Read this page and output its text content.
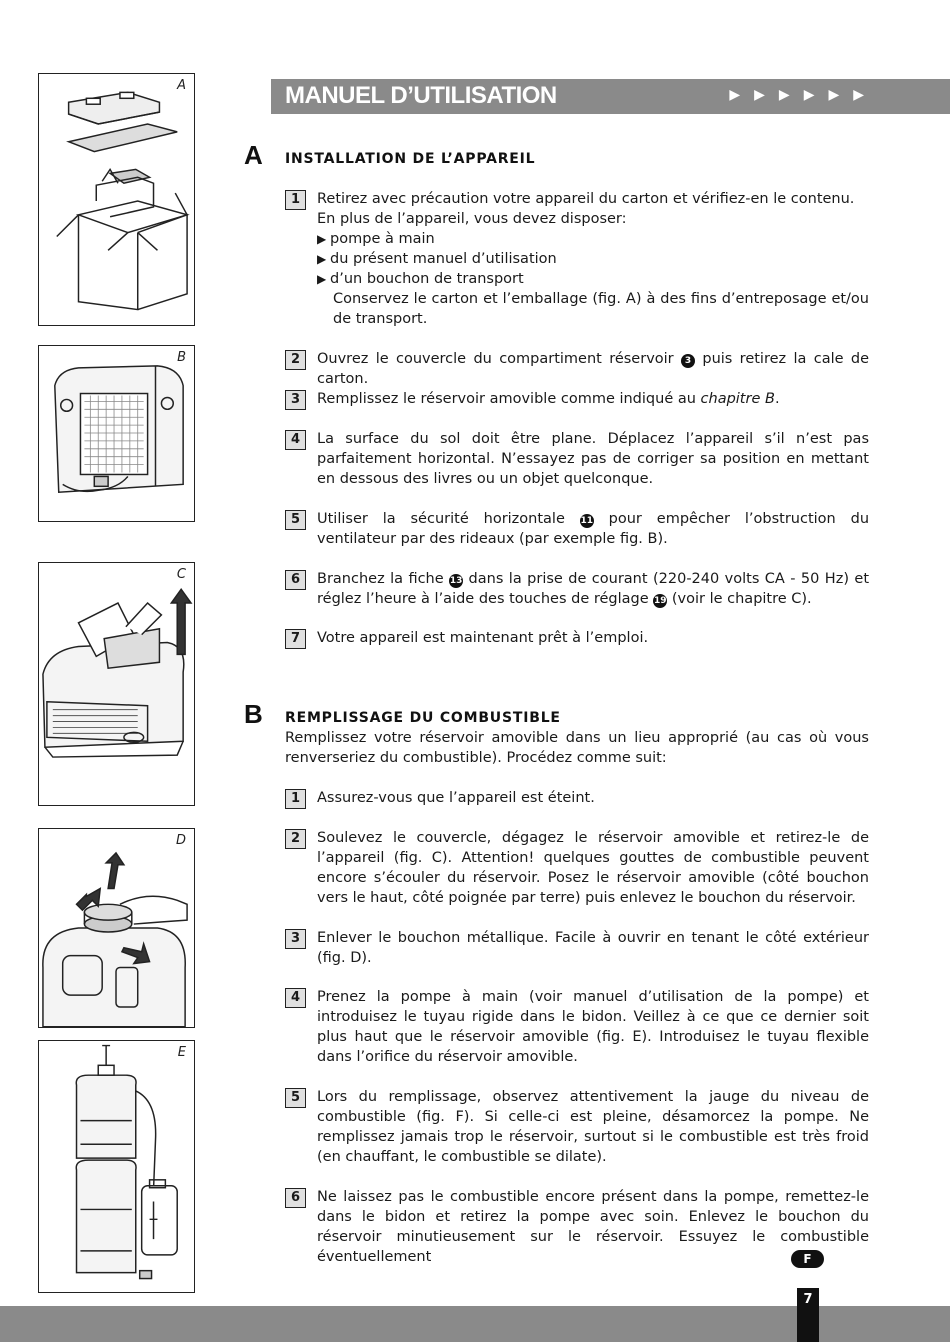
A
B
C
D
E
MANUEL D’UTILISATION	▶▶▶▶▶▶
A INSTALLATION DE L’APPAREIL
1	Retirez avec précaution votre appareil du carton et vérifiez-en le contenu.
En plus de l’appareil, vous devez disposer:
▶ pompe à main
▶ du présent manuel d’utilisation
▶ d’un bouchon de transport
Conservez le carton et l’emballage (fig. A) à des fins d’entreposage et/ou de transport.
2	Ouvrez le couvercle du compartiment réservoir 3 puis retirez la cale de carton.
3	Remplissez le réservoir amovible comme indiqué au chapitre B.
4	La surface du sol doit être plane. Déplacez l’appareil s’il n’est pas parfaitement horizontal. N’essayez pas de corriger sa position en mettant en dessous des livres ou un objet quelconque.

5	Utiliser la sécurité horizontale 11 pour empêcher l’obstruction du ventilateur par des rideaux (par exemple fig. B).
6	Branchez la fiche 13 dans la prise de courant (220-240 volts CA - 50 Hz) et réglez l’heure à l’aide des touches de réglage 19 (voir le chapitre C).
7	Votre appareil est maintenant prêt à l’emploi.

B REMPLISSAGE DU COMBUSTIBLE
Remplissez votre réservoir amovible dans un lieu approprié (au cas où vous renverseriez du combustible). Procédez comme suit:
1	Assurez-vous que l’appareil est éteint.

2	Soulevez le couvercle, dégagez le réservoir amovible et retirez-le de l’appareil (fig. C). Attention! quelques gouttes de combustible peuvent encore s’écouler du réservoir. Posez le réservoir amovible (côté bouchon vers le haut, côté poignée par terre) puis enlevez le bouchon du réservoir.

3	Enlever le bouchon métallique. Facile à ouvrir en tenant le côté extérieur (fig. D).

4	Prenez la pompe à main (voir manuel d’utilisation de la pompe) et introduisez le tuyau rigide dans le bidon. Veillez à ce que ce dernier soit plus haut que le réservoir amovible (fig. E). Introduisez le tuyau flexible dans l’orifice du réservoir amovible.

5	Lors du remplissage, observez attentivement la jauge du niveau de combustible (fig. F). Si celle-ci est pleine, désamorcez la pompe. Ne remplissez jamais trop le réservoir, surtout si le combustible est très froid (en chauffant, le combustible se dilate).

6	Ne laissez pas le combustible encore présent dans la pompe, remettez-le dans le bidon et retirez la pompe avec soin. Enlevez le bouchon du réservoir minutieusement sur le réservoir. Essuyez le combustible éventuellement	F
7
